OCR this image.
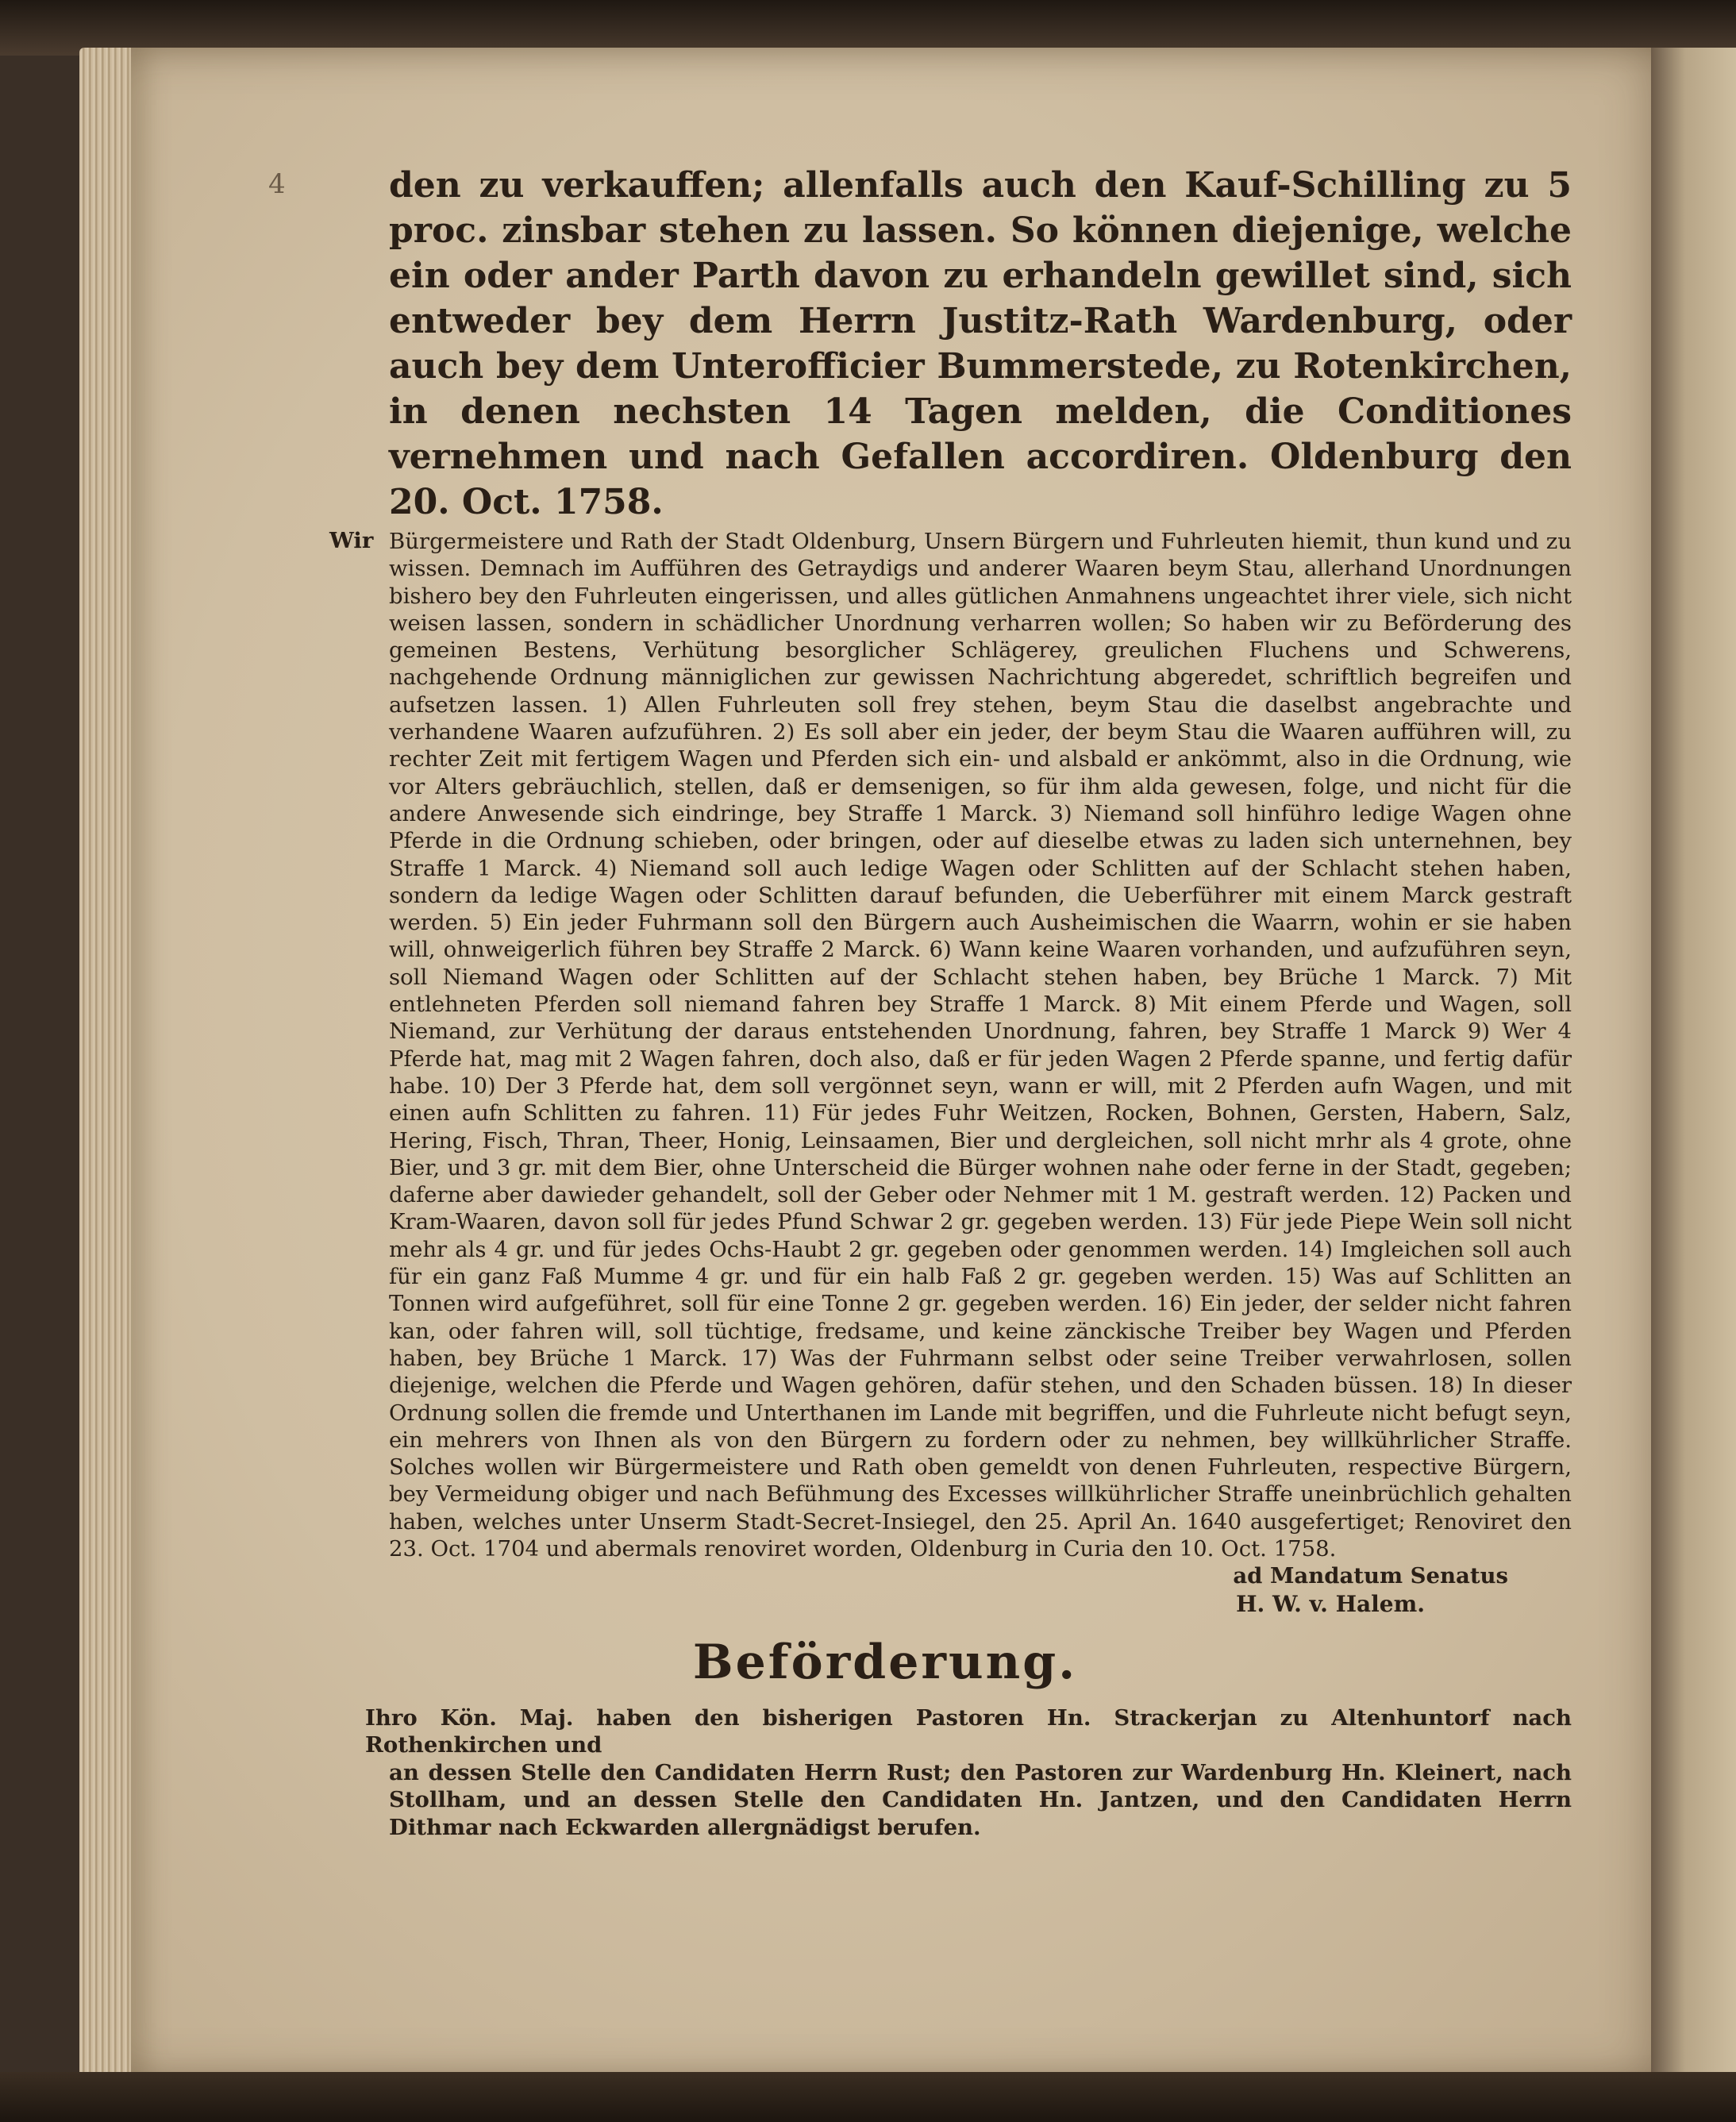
4	den zu verkauffen; allenfalls auch den Kauf-Schilling zu 5 proc. zinsbar stehen zu lassen. So können diejenige, welche ein oder ander Parth davon zu erhandeln gewillet sind, sich entweder bey dem Herrn Justitz-Rath Wardenburg, oder auch bey dem Unterofficier Bummerstede, zu Rotenkirchen, in denen nechsten 14 Tagen melden, die Conditiones vernehmen und nach Gefallen accordiren. Oldenburg den 20. Oct. 1758.

Wir Bürgermeistere und Rath der Stadt Oldenburg, Unsern Bürgern und Fuhrleuten hiemit, thun kund und zu wissen. Demnach im Aufführen des Getraydigs und anderer Waaren beym Stau, allerhand Unordnungen bishero bey den Fuhrleuten eingerissen, und alles gütlichen Anmahnens ungeachtet ihrer viele, sich nicht weisen lassen, sondern in schädlicher Unordnung verharren wollen; So haben wir zu Beförderung des gemeinen Bestens, Verhütung besorglicher Schlägerey, greulichen Fluchens und Schwerens, nachgehende Ordnung männiglichen zur gewissen Nachrichtung abgeredet, schriftlich begreifen und aufsetzen lassen. 1) Allen Fuhrleuten soll frey stehen, beym Stau die daselbst angebrachte und verhandene Waaren aufzuführen. 2) Es soll aber ein jeder, der beym Stau die Waaren aufführen will, zu rechter Zeit mit fertigem Wagen und Pferden sich ein- und alsbald er ankömmt, also in die Ordnung, wie vor Alters gebräuchlich, stellen, daß er demsenigen, so für ihm alda gewesen, folge, und nicht für die andere Anwesende sich eindringe, bey Straffe 1 Marck. 3) Niemand soll hinführo ledige Wagen ohne Pferde in die Ordnung schieben, oder bringen, oder auf dieselbe etwas zu laden sich unternehnen, bey Straffe 1 Marck. 4) Niemand soll auch ledige Wagen oder Schlitten auf der Schlacht stehen haben, sondern da ledige Wagen oder Schlitten darauf befunden, die Ueberführer mit einem Marck gestraft werden. 5) Ein jeder Fuhrmann soll den Bürgern auch Ausheimischen die Waarrn, wohin er sie haben will, ohnweigerlich führen bey Straffe 2 Marck. 6) Wann keine Waaren vorhanden, und aufzuführen seyn, soll Niemand Wagen oder Schlitten auf der Schlacht stehen haben, bey Brüche 1 Marck. 7) Mit entlehneten Pferden soll niemand fahren bey Straffe 1 Marck. 8) Mit einem Pferde und Wagen, soll Niemand, zur Verhütung der daraus entstehenden Unordnung, fahren, bey Straffe 1 Marck 9) Wer 4 Pferde hat, mag mit 2 Wagen fahren, doch also, daß er für jeden Wagen 2 Pferde spanne, und fertig dafür habe. 10) Der 3 Pferde hat, dem soll vergönnet seyn, wann er will, mit 2 Pferden aufn Wagen, und mit einen aufn Schlitten zu fahren. 11) Für jedes Fuhr Weitzen, Rocken, Bohnen, Gersten, Habern, Salz, Hering, Fisch, Thran, Theer, Honig, Leinsaamen, Bier und dergleichen, soll nicht mrhr als 4 grote, ohne Bier, und 3 gr. mit dem Bier, ohne Unterscheid die Bürger wohnen nahe oder ferne in der Stadt, gegeben; daferne aber dawieder gehandelt, soll der Geber oder Nehmer mit 1 M. gestraft werden. 12) Packen und Kram-Waaren, davon soll für jedes Pfund Schwar 2 gr. gegeben werden. 13) Für jede Piepe Wein soll nicht mehr als 4 gr. und für jedes Ochs-Haubt 2 gr. gegeben oder genommen werden. 14) Imgleichen soll auch für ein ganz Faß Mumme 4 gr. und für ein halb Faß 2 gr. gegeben werden. 15) Was auf Schlitten an Tonnen wird aufgeführet, soll für eine Tonne 2 gr. gegeben werden. 16) Ein jeder, der selder nicht fahren kan, oder fahren will, soll tüchtige, fredsame, und keine zänckische Treiber bey Wagen und Pferden haben, bey Brüche 1 Marck. 17) Was der Fuhrmann selbst oder seine Treiber verwahrlosen, sollen diejenige, welchen die Pferde und Wagen gehören, dafür stehen, und den Schaden büssen. 18) In dieser Ordnung sollen die fremde und Unterthanen im Lande mit begriffen, und die Fuhrleute nicht befugt seyn, ein mehrers von Ihnen als von den Bürgern zu fordern oder zu nehmen, bey willkührlicher Straffe. Solches wollen wir Bürgermeistere und Rath oben gemeldt von denen Fuhrleuten, respective Bürgern, bey Vermeidung obiger und nach Befühmung des Excesses willkührlicher Straffe uneinbrüchlich gehalten haben, welches unter Unserm Stadt-Secret-Insiegel, den 25. April An. 1640 ausgefertiget; Renoviret den 23. Oct. 1704 und abermals renoviret worden, Oldenburg in Curia den 10. Oct. 1758.

ad Mandatum Senatus
H. W. v. Halem.
Beförderung.

Ihro Kön. Maj. haben den bisherigen Pastoren Hn. Strackerjan zu Altenhuntorf nach Rothenkirchen und
an dessen Stelle den Candidaten Herrn Rust; den Pastoren zur Wardenburg Hn. Kleinert, nach Stollham, und an dessen Stelle den Candidaten Hn. Jantzen, und den Candidaten Herrn Dithmar nach Eckwarden allergnädigst berufen.
